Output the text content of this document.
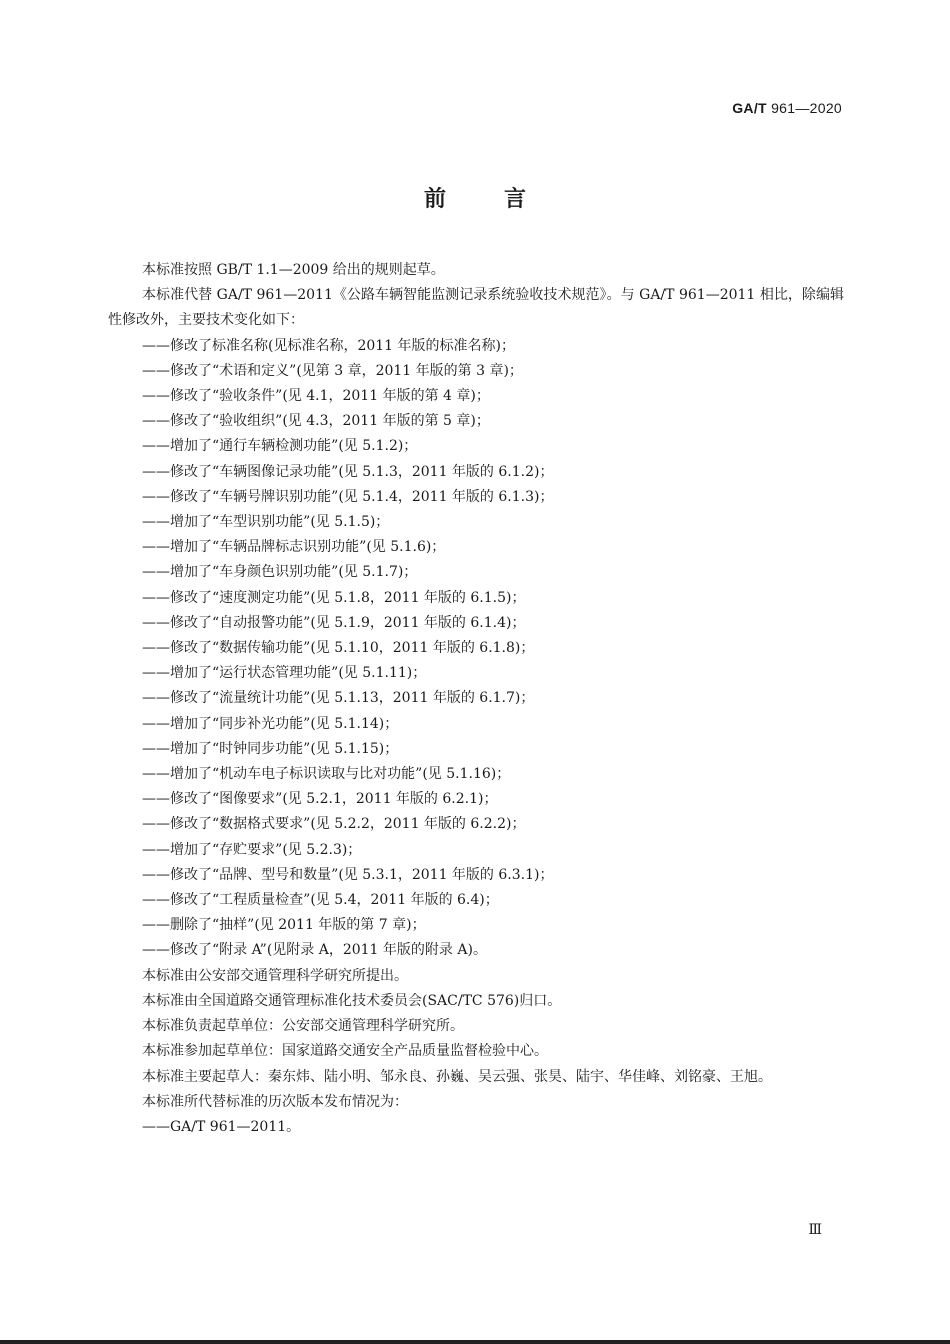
GA/T 961—2020
前言
本标准按照 GB/T 1.1—2009 给出的规则起草。
本标准代替 GA/T 961—2011《公路车辆智能监测记录系统验收技术规范》。与 GA/T 961—2011 相比，除编辑性修改外，主要技术变化如下：
——修改了标准名称(见标准名称，2011 年版的标准名称)；
——修改了“术语和定义”(见第 3 章，2011 年版的第 3 章)；
——修改了“验收条件”(见 4.1，2011 年版的第 4 章)；
——修改了“验收组织”(见 4.3，2011 年版的第 5 章)；
——增加了“通行车辆检测功能”(见 5.1.2)；
——修改了“车辆图像记录功能”(见 5.1.3，2011 年版的 6.1.2)；
——修改了“车辆号牌识别功能”(见 5.1.4，2011 年版的 6.1.3)；
——增加了“车型识别功能”(见 5.1.5)；
——增加了“车辆品牌标志识别功能”(见 5.1.6)；
——增加了“车身颜色识别功能”(见 5.1.7)；
——修改了“速度测定功能”(见 5.1.8，2011 年版的 6.1.5)；
——修改了“自动报警功能”(见 5.1.9，2011 年版的 6.1.4)；
——修改了“数据传输功能”(见 5.1.10，2011 年版的 6.1.8)；
——增加了“运行状态管理功能”(见 5.1.11)；
——修改了“流量统计功能”(见 5.1.13，2011 年版的 6.1.7)；
——增加了“同步补光功能”(见 5.1.14)；
——增加了“时钟同步功能”(见 5.1.15)；
——增加了“机动车电子标识读取与比对功能”(见 5.1.16)；
——修改了“图像要求”(见 5.2.1，2011 年版的 6.2.1)；
——修改了“数据格式要求”(见 5.2.2，2011 年版的 6.2.2)；
——增加了“存贮要求”(见 5.2.3)；
——修改了“品牌、型号和数量”(见 5.3.1，2011 年版的 6.3.1)；
——修改了“工程质量检查”(见 5.4，2011 年版的 6.4)；
——删除了“抽样”(见 2011 年版的第 7 章)；
——修改了“附录 A”(见附录 A，2011 年版的附录 A)。
本标准由公安部交通管理科学研究所提出。
本标准由全国道路交通管理标准化技术委员会(SAC/TC 576)归口。
本标准负责起草单位：公安部交通管理科学研究所。
本标准参加起草单位：国家道路交通安全产品质量监督检验中心。
本标准主要起草人：秦东炜、陆小明、邹永良、孙巍、吴云强、张昊、陆宇、华佳峰、刘铭豪、王旭。
本标准所代替标准的历次版本发布情况为：
——GA/T 961—2011。
Ⅲ
